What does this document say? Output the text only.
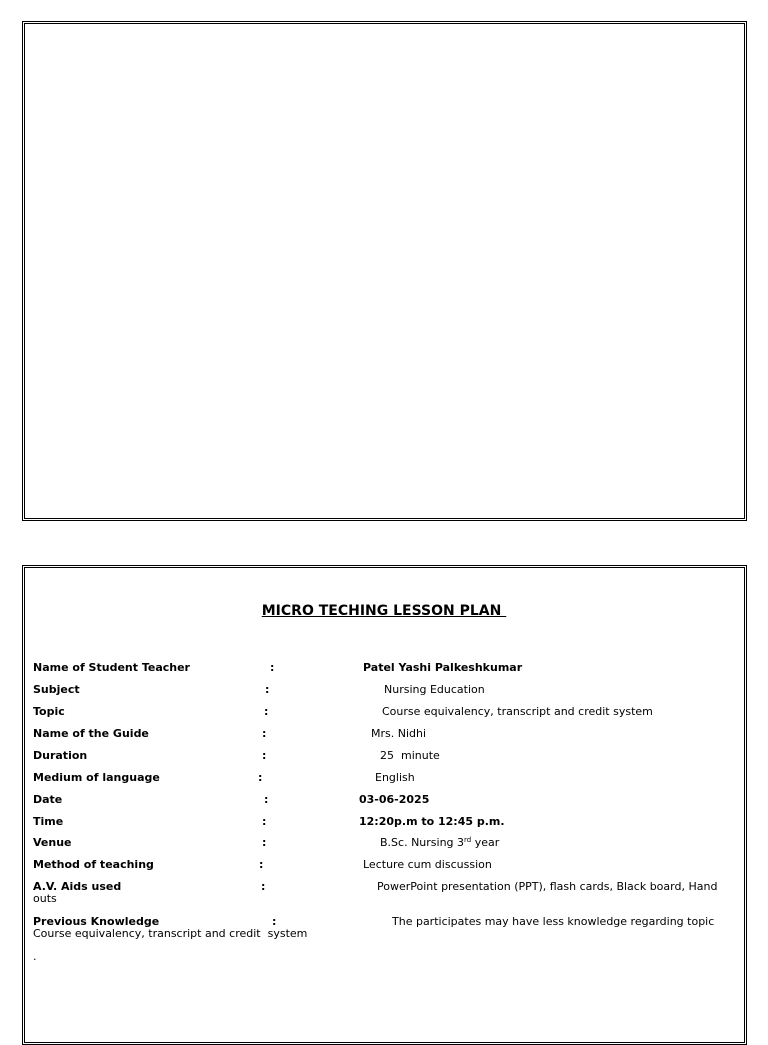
MICRO TECHING LESSON PLAN
Name of Student Teacher	:	Patel Yashi Palkeshkumar
Subject	:	Nursing Education
Topic	:	Course equivalency, transcript and credit system
Name of the Guide	:	Mrs. Nidhi
Duration	:	25  minute
Medium of language	:	English
Date	:	03-06-2025
Time	:	12:20p.m to 12:45 p.m.
Venue	:	B.Sc. Nursing 3rd year
Method of teaching	:	Lecture cum discussion
A.V. Aids used	:	PowerPoint presentation (PPT), flash cards, Black board, Hand
outs
Previous Knowledge	:	The participates may have less knowledge regarding topic
Course equivalency, transcript and credit  system
.
